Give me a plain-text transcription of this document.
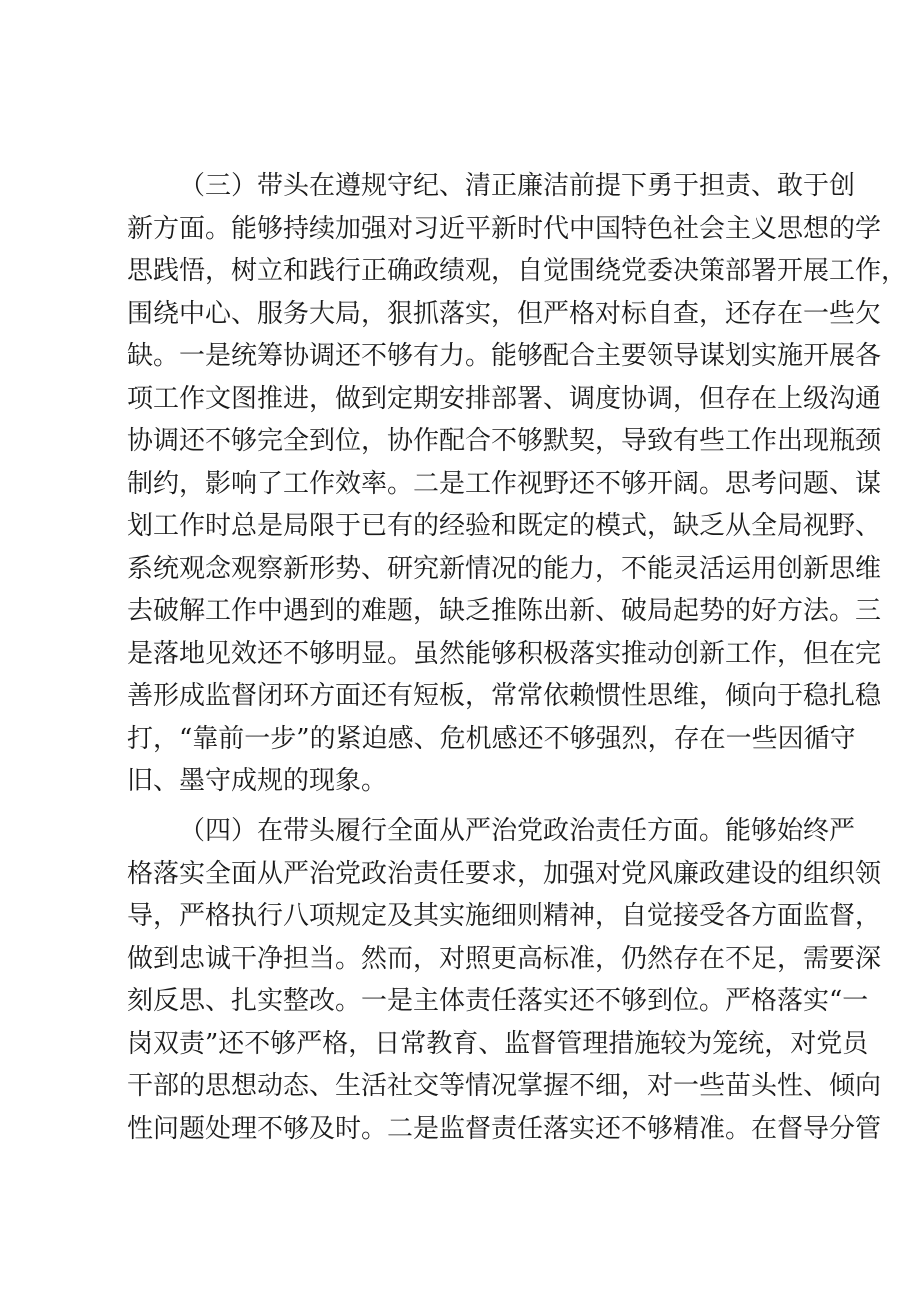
（三）带头在遵规守纪、清正廉洁前提下勇于担责、敢于创
新方面。能够持续加强对习近平新时代中国特色社会主义思想的学
思践悟，树立和践行正确政绩观，自觉围绕党委决策部署开展工作，
围绕中心、服务大局，狠抓落实，但严格对标自查，还存在一些欠
缺。一是统筹协调还不够有力。能够配合主要领导谋划实施开展各
项工作文图推进，做到定期安排部署、调度协调，但存在上级沟通
协调还不够完全到位，协作配合不够默契，导致有些工作出现瓶颈
制约，影响了工作效率。二是工作视野还不够开阔。思考问题、谋
划工作时总是局限于已有的经验和既定的模式，缺乏从全局视野、
系统观念观察新形势、研究新情况的能力，不能灵活运用创新思维
去破解工作中遇到的难题，缺乏推陈出新、破局起势的好方法。三
是落地见效还不够明显。虽然能够积极落实推动创新工作，但在完
善形成监督闭环方面还有短板，常常依赖惯性思维，倾向于稳扎稳
打，“靠前一步”的紧迫感、危机感还不够强烈，存在一些因循守
旧、墨守成规的现象。
（四）在带头履行全面从严治党政治责任方面。能够始终严
格落实全面从严治党政治责任要求，加强对党风廉政建设的组织领
导，严格执行八项规定及其实施细则精神，自觉接受各方面监督，
做到忠诚干净担当。然而，对照更高标准，仍然存在不足，需要深
刻反思、扎实整改。一是主体责任落实还不够到位。严格落实“一
岗双责”还不够严格，日常教育、监督管理措施较为笼统，对党员
干部的思想动态、生活社交等情况掌握不细，对一些苗头性、倾向
性问题处理不够及时。二是监督责任落实还不够精准。在督导分管
